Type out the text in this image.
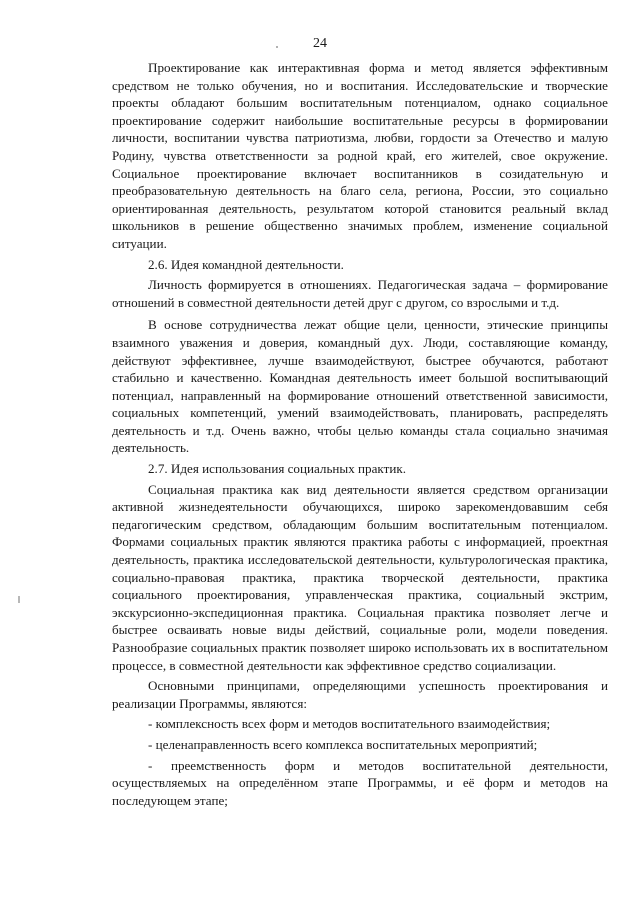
24

Проектирование как интерактивная форма и метод является эффективным средством не только обучения, но и воспитания. Исследовательские и творческие проекты обладают большим воспитательным потенциалом, однако социальное проектирование содержит наибольшие воспитательные ресурсы в формировании личности, воспитании чувства патриотизма, любви, гордости за Отечество и малую Родину, чувства ответственности за родной край, его жителей, свое окружение. Социальное проектирование включает воспитанников в созидательную и преобразовательную деятельность на благо села, региона, России, это социально ориентированная деятельность, результатом которой становится реальный вклад школьников в решение общественно значимых проблем, изменение социальной ситуации.

2.6. Идея командной деятельности.

Личность формируется в отношениях. Педагогическая задача – формирование отношений в совместной деятельности детей друг с другом, со взрослыми и т.д.

В основе сотрудничества лежат общие цели, ценности, этические принципы взаимного уважения и доверия, командный дух. Люди, составляющие команду, действуют эффективнее, лучше взаимодействуют, быстрее обучаются, работают стабильно и качественно. Командная деятельность имеет большой воспитывающий потенциал, направленный на формирование отношений ответственной зависимости, социальных компетенций, умений взаимодействовать, планировать, распределять деятельность и т.д. Очень важно, чтобы целью команды стала социально значимая деятельность.

2.7. Идея использования социальных практик.

Социальная практика как вид деятельности является средством организации активной жизнедеятельности обучающихся, широко зарекомендовавшим себя педагогическим средством, обладающим большим воспитательным потенциалом. Формами социальных практик являются практика работы с информацией, проектная деятельность, практика исследовательской деятельности, культурологическая практика, социально-правовая практика, практика творческой деятельности, практика социального проектирования, управленческая практика, социальный экстрим, экскурсионно-экспедиционная практика. Социальная практика позволяет легче и быстрее осваивать новые виды действий, социальные роли, модели поведения. Разнообразие социальных практик позволяет широко использовать их в воспитательном процессе, в совместной деятельности как эффективное средство социализации.

Основными принципами, определяющими успешность проектирования и реализации Программы, являются:

- комплексность всех форм и методов воспитательного взаимодействия;

- целенаправленность всего комплекса воспитательных мероприятий;

- преемственность форм и методов воспитательной деятельности, осуществляемых на определённом этапе Программы, и её форм и методов на последующем этапе;
